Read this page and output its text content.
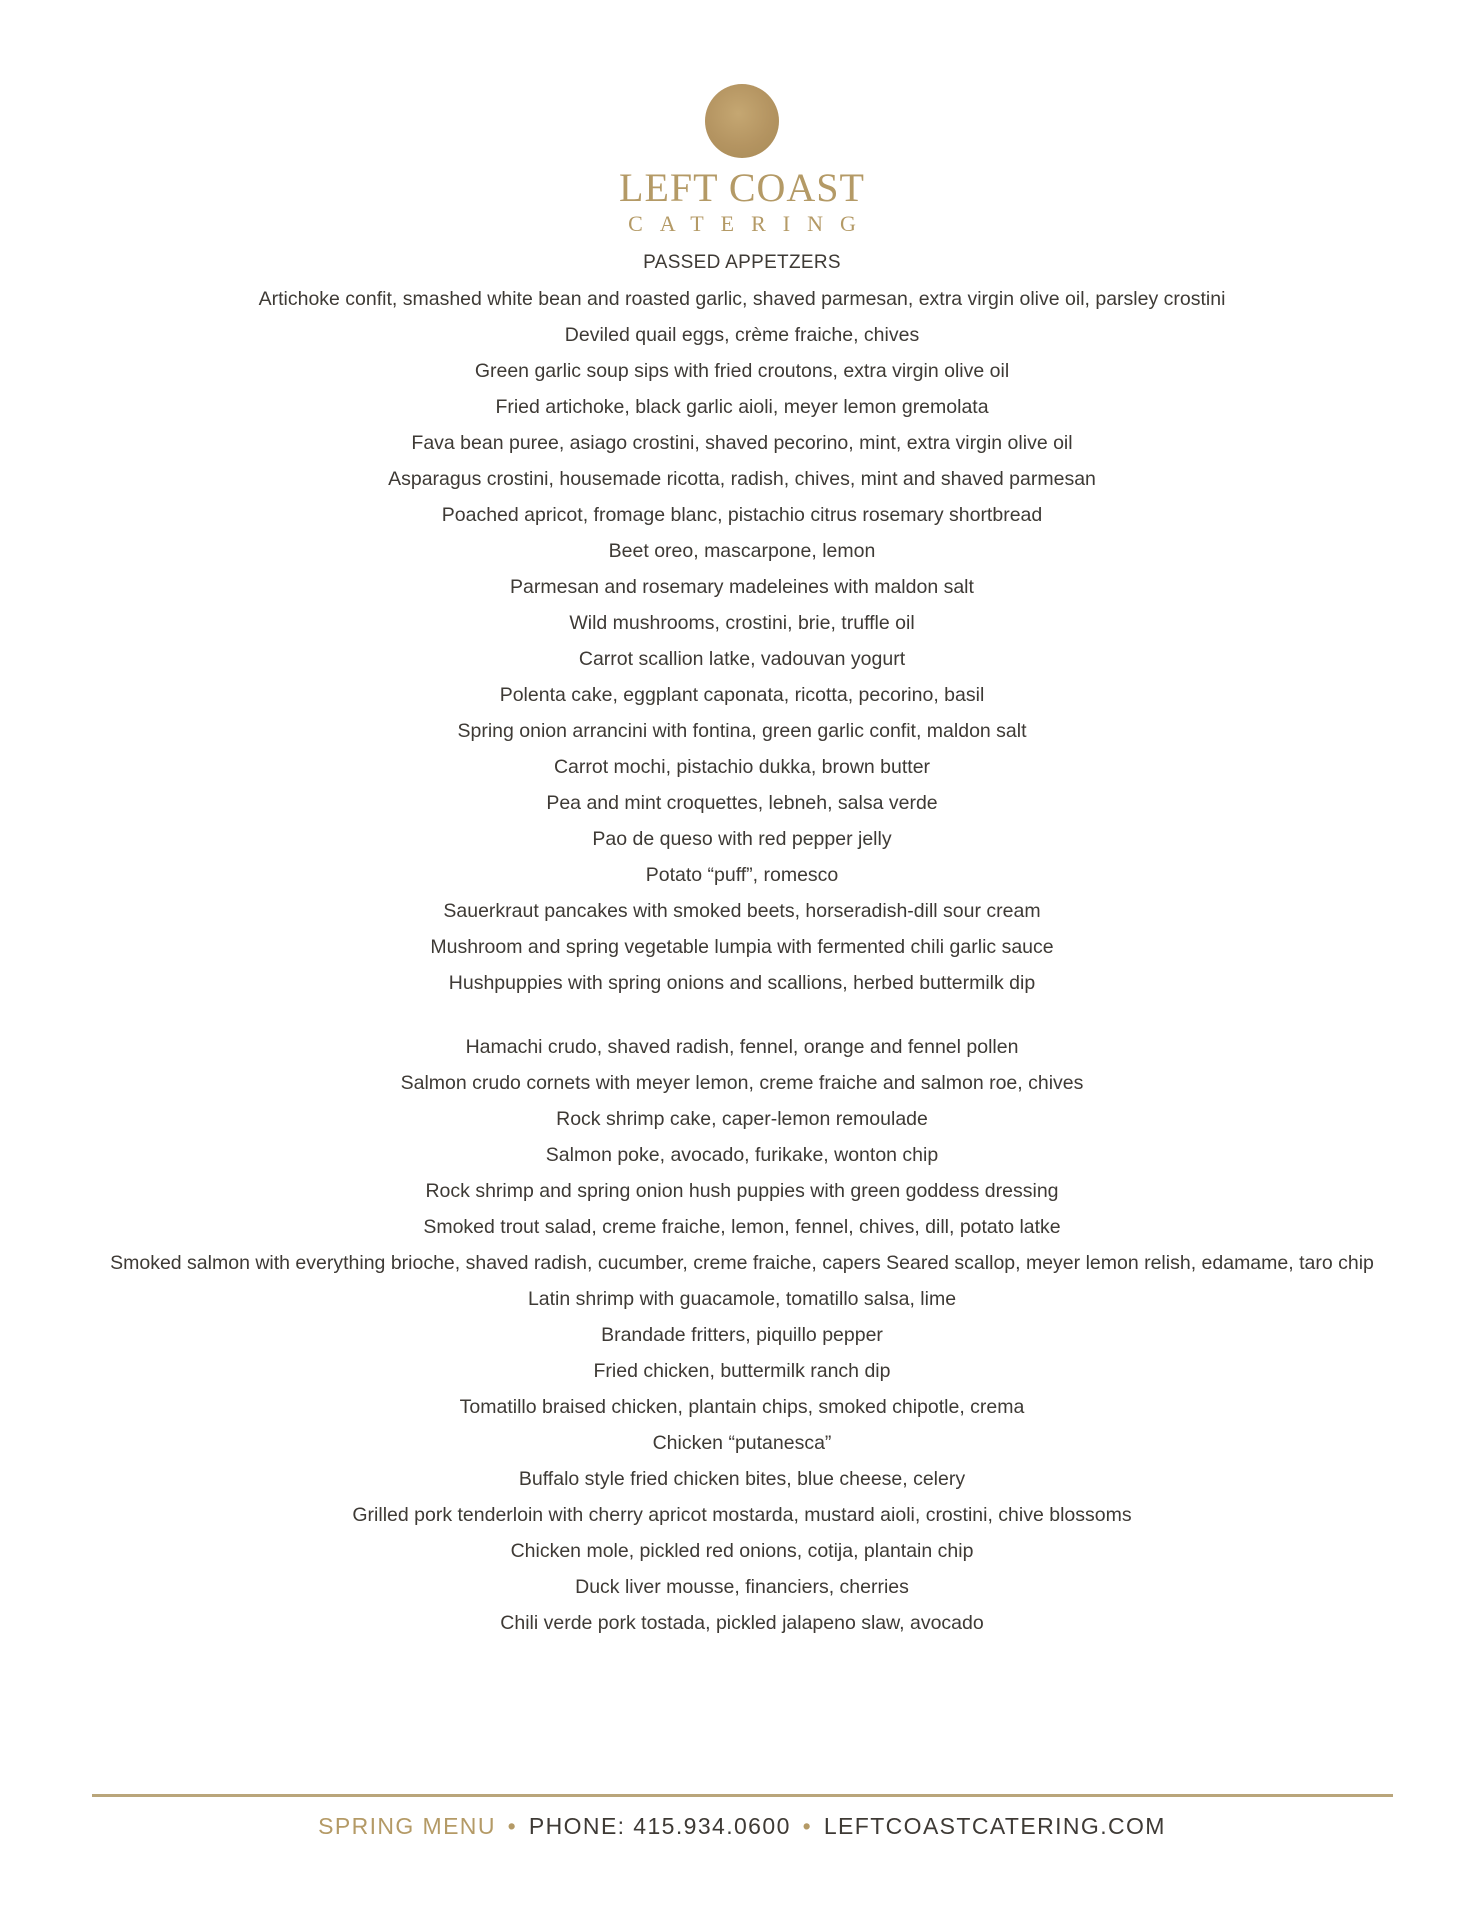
LEFT COAST
CATERING
PASSED APPETZERS
Artichoke confit, smashed white bean and roasted garlic, shaved parmesan, extra virgin olive oil, parsley crostini
Deviled quail eggs, crème fraiche, chives
Green garlic soup sips with fried croutons, extra virgin olive oil
Fried artichoke, black garlic aioli, meyer lemon gremolata
Fava bean puree, asiago crostini, shaved pecorino, mint, extra virgin olive oil
Asparagus crostini, housemade ricotta, radish, chives, mint and shaved parmesan
Poached apricot, fromage blanc, pistachio citrus rosemary shortbread
Beet oreo, mascarpone, lemon
Parmesan and rosemary madeleines with maldon salt
Wild mushrooms, crostini, brie, truffle oil
Carrot scallion latke, vadouvan yogurt
Polenta cake, eggplant caponata, ricotta, pecorino, basil
Spring onion arrancini with fontina, green garlic confit, maldon salt
Carrot mochi, pistachio dukka, brown butter
Pea and mint croquettes, lebneh, salsa verde
Pao de queso with red pepper jelly
Potato “puff”, romesco
Sauerkraut pancakes with smoked beets, horseradish-dill sour cream
Mushroom and spring vegetable lumpia with fermented chili garlic sauce
Hushpuppies with spring onions and scallions, herbed buttermilk dip
Hamachi crudo, shaved radish, fennel, orange and fennel pollen
Salmon crudo cornets with meyer lemon, creme fraiche and salmon roe, chives
Rock shrimp cake, caper-lemon remoulade
Salmon poke, avocado, furikake, wonton chip
Rock shrimp and spring onion hush puppies with green goddess dressing
Smoked trout salad, creme fraiche, lemon, fennel, chives, dill, potato latke
Smoked salmon with everything brioche, shaved radish, cucumber, creme fraiche, capers Seared scallop, meyer lemon relish, edamame, taro chip
Latin shrimp with guacamole, tomatillo salsa, lime
Brandade fritters, piquillo pepper
Fried chicken, buttermilk ranch dip
Tomatillo braised chicken, plantain chips, smoked chipotle, crema
Chicken “putanesca”
Buffalo style fried chicken bites, blue cheese, celery
Grilled pork tenderloin with cherry apricot mostarda, mustard aioli, crostini, chive blossoms
Chicken mole, pickled red onions, cotija, plantain chip
Duck liver mousse, financiers, cherries
Chili verde pork tostada, pickled jalapeno slaw, avocado
SPRING MENU • PHONE: 415.934.0600 • LEFTCOASTCATERING.COM
